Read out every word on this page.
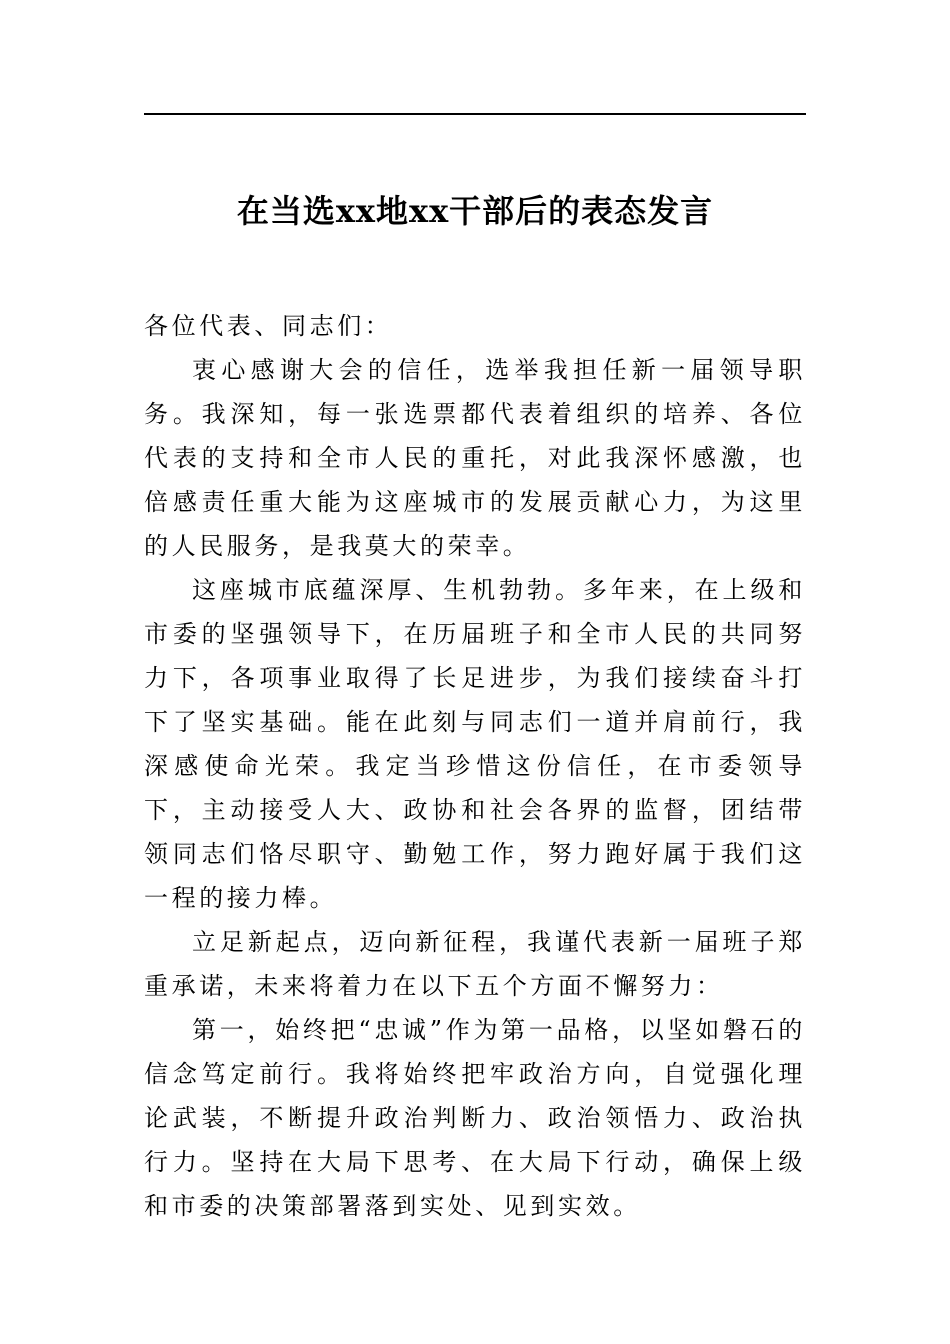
在当选xx地xx干部后的表态发言

各位代表、同志们：

衷心感谢大会的信任，选举我担任新一届领导职务。我深知，每一张选票都代表着组织的培养、各位代表的支持和全市人民的重托，对此我深怀感激，也倍感责任重大能为这座城市的发展贡献心力，为这里的人民服务，是我莫大的荣幸。

这座城市底蕴深厚、生机勃勃。多年来，在上级和市委的坚强领导下，在历届班子和全市人民的共同努力下，各项事业取得了长足进步，为我们接续奋斗打下了坚实基础。能在此刻与同志们一道并肩前行，我深感使命光荣。我定当珍惜这份信任，在市委领导下，主动接受人大、政协和社会各界的监督，团结带领同志们恪尽职守、勤勉工作，努力跑好属于我们这一程的接力棒。

立足新起点，迈向新征程，我谨代表新一届班子郑重承诺，未来将着力在以下五个方面不懈努力：

第一，始终把“忠诚”作为第一品格，以坚如磐石的信念笃定前行。我将始终把牢政治方向，自觉强化理论武装，不断提升政治判断力、政治领悟力、政治执行力。坚持在大局下思考、在大局下行动，确保上级和市委的决策部署落到实处、见到实效。
